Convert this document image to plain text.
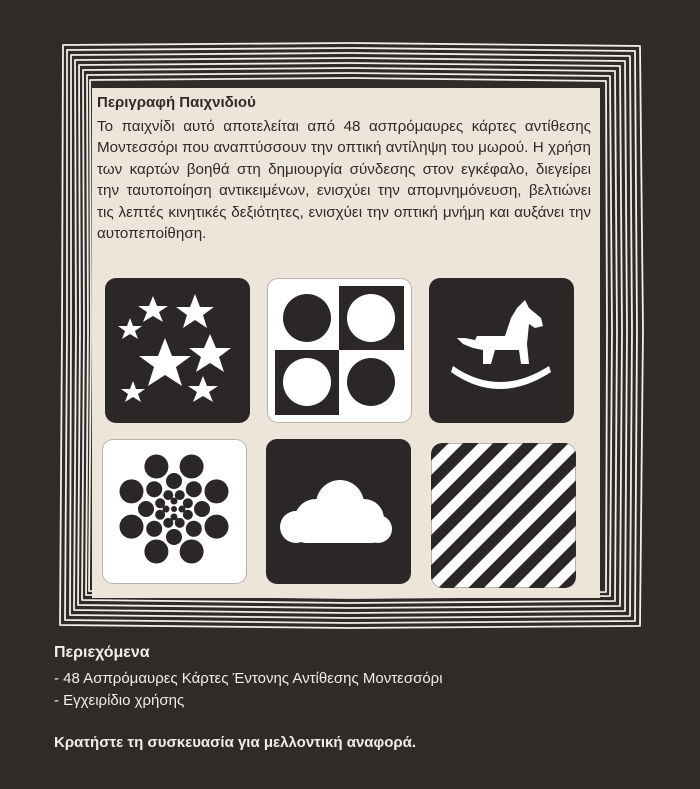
Περιγραφή Παιχνιδιού
Το παιχνίδι αυτό αποτελείται από 48 ασπρόμαυρες κάρτες αντίθεσης Μοντεσσόρι που αναπτύσσουν την οπτική αντίληψη του μωρού. Η χρήση των καρτών βοηθά στη δημιουργία σύνδεσης στον εγκέφαλο, διεγείρει την ταυτοποίηση αντικειμένων, ενισχύει την απομνημόνευση, βελτιώνει τις λεπτές κινητικές δεξιότητες, ενισχύει την οπτική μνήμη και αυξάνει την αυτοπεποίθηση.
Περιεχόμενα
- 48 Ασπρόμαυρες Κάρτες Έντονης Αντίθεσης Μοντεσσόρι
- Εγχειρίδιο χρήσης
Κρατήστε τη συσκευασία για μελλοντική αναφορά.
